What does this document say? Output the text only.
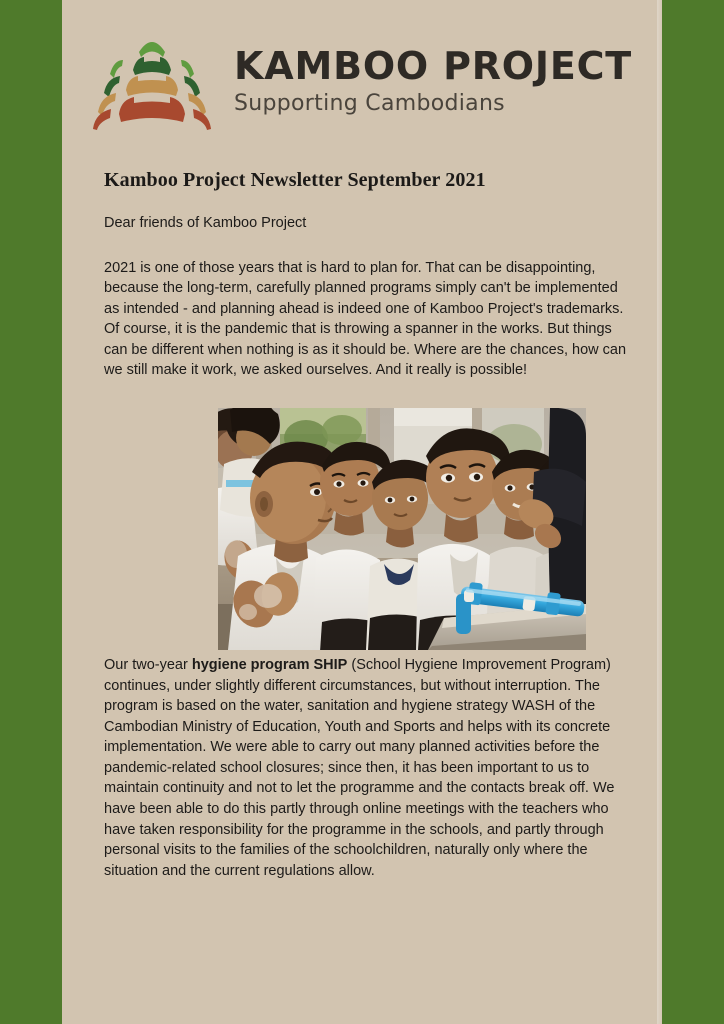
KAMBOO PROJECT
Supporting Cambodians
Kamboo Project Newsletter September 2021

Dear friends of Kamboo Project

2021 is one of those years that is hard to plan for. That can be disappointing, because the long-term, carefully planned programs simply can't be implemented as intended - and planning ahead is indeed one of Kamboo Project's trademarks. Of course, it is the pandemic that is throwing a spanner in the works. But things can be different when nothing is as it should be. Where are the chances, how can we still make it work, we asked ourselves. And it really is possible!

Our two-year hygiene program SHIP (School Hygiene Improvement Program) continues, under slightly different circumstances, but without interruption. The program is based on the water, sanitation and hygiene strategy WASH of the Cambodian Ministry of Education, Youth and Sports and helps with its concrete implementation. We were able to carry out many planned activities before the pandemic-related school closures; since then, it has been important to us to maintain continuity and not to let the programme and the contacts break off. We have been able to do this partly through online meetings with the teachers who have taken responsibility for the programme in the schools, and partly through personal visits to the families of the schoolchildren, naturally only where the situation and the current regulations allow.
